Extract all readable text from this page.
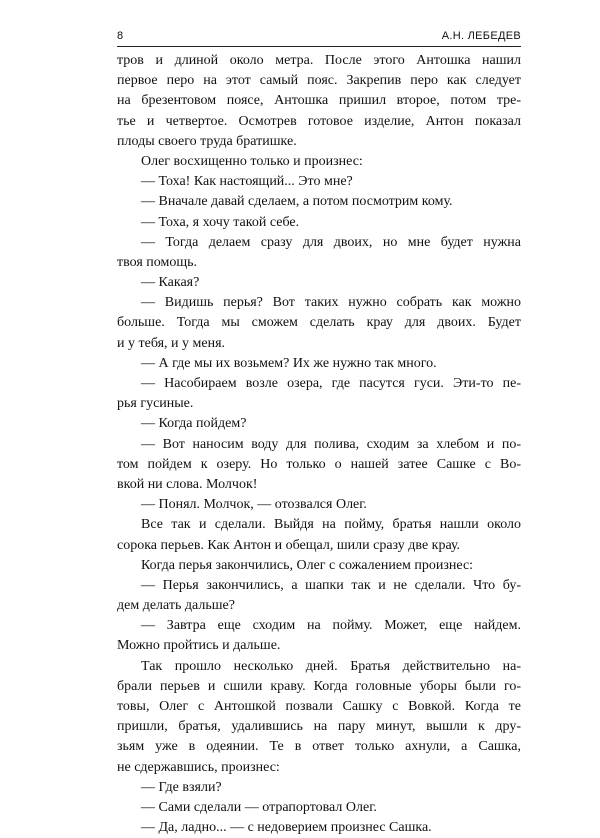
8	А.Н. ЛЕБЕДЕВ
тров и длиной около метра. После этого Антошка нашил
первое перо на этот самый пояс. Закрепив перо как следует
на брезентовом поясе, Антошка пришил второе, потом тре-
тье и четвертое. Осмотрев готовое изделие, Антон показал
плоды своего труда братишке.
Олег восхищенно только и произнес:
— Тоха! Как настоящий... Это мне?
— Вначале давай сделаем, а потом посмотрим кому.
— Тоха, я хочу такой себе.
— Тогда делаем сразу для двоих, но мне будет нужна
твоя помощь.
— Какая?
— Видишь перья? Вот таких нужно собрать как можно
больше. Тогда мы сможем сделать крау для двоих. Будет
и у тебя, и у меня.
— А где мы их возьмем? Их же нужно так много.
— Насобираем возле озера, где пасутся гуси. Эти-то пе-
рья гусиные.
— Когда пойдем?
— Вот наносим воду для полива, сходим за хлебом и по-
том пойдем к озеру. Но только о нашей затее Сашке с Во-
вкой ни слова. Молчок!
— Понял. Молчок, — отозвался Олег.
Все так и сделали. Выйдя на пойму, братья нашли около
сорока перьев. Как Антон и обещал, шили сразу две крау.
Когда перья закончились, Олег с сожалением произнес:
— Перья закончились, а шапки так и не сделали. Что бу-
дем делать дальше?
— Завтра еще сходим на пойму. Может, еще найдем.
Можно пройтись и дальше.
Так прошло несколько дней. Братья действительно на-
брали перьев и сшили краву. Когда головные уборы были го-
товы, Олег с Антошкой позвали Сашку с Вовкой. Когда те
пришли, братья, удалившись на пару минут, вышли к дру-
зьям уже в одеянии. Те в ответ только ахнули, а Сашка,
не сдержавшись, произнес:
— Где взяли?
— Сами сделали — отрапортовал Олег.
— Да, ладно... — с недоверием произнес Сашка.
